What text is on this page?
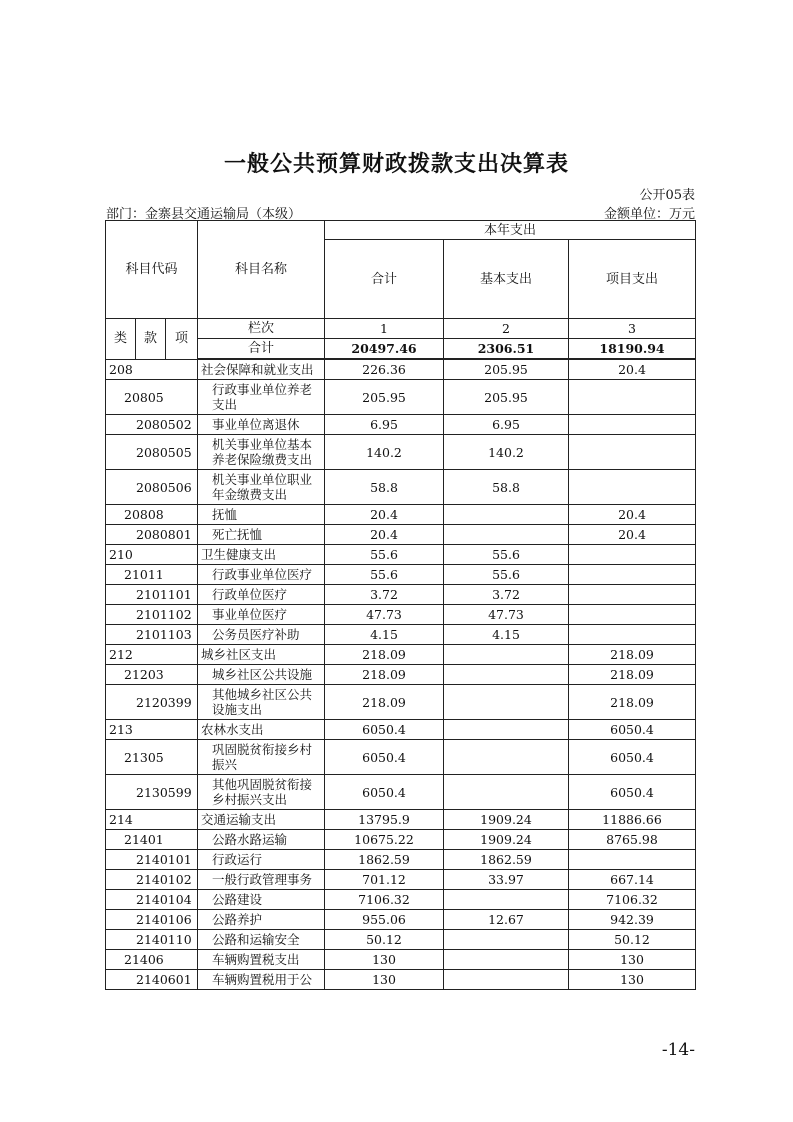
一般公共预算财政拨款支出决算表
公开05表
部门：金寨县交通运输局（本级）	金额单位：万元
科目代码			科目名称	本年支出		
				合计	基本支出	项目支出
类	款	项	栏次	1	2	3
			合计	20497.46	2306.51	18190.94
208			社会保障和就业支出	226.36	205.95	20.4
20805			行政事业单位养老支出	205.95	205.95	
2080502			事业单位离退休	6.95	6.95	
2080505			机关事业单位基本养老保险缴费支出	140.2	140.2	
2080506			机关事业单位职业年金缴费支出	58.8	58.8	
20808			抚恤	20.4		20.4
2080801			死亡抚恤	20.4		20.4
210			卫生健康支出	55.6	55.6	
21011			行政事业单位医疗	55.6	55.6	
2101101			行政单位医疗	3.72	3.72	
2101102			事业单位医疗	47.73	47.73	
2101103			公务员医疗补助	4.15	4.15	
212			城乡社区支出	218.09		218.09
21203			城乡社区公共设施	218.09		218.09
2120399			其他城乡社区公共设施支出	218.09		218.09
213			农林水支出	6050.4		6050.4
21305			巩固脱贫衔接乡村振兴	6050.4		6050.4
2130599			其他巩固脱贫衔接乡村振兴支出	6050.4		6050.4
214			交通运输支出	13795.9	1909.24	11886.66
21401			公路水路运输	10675.22	1909.24	8765.98
2140101			行政运行	1862.59	1862.59	
2140102			一般行政管理事务	701.12	33.97	667.14
2140104			公路建设	7106.32		7106.32
2140106			公路养护	955.06	12.67	942.39
2140110			公路和运输安全	50.12		50.12
21406			车辆购置税支出	130		130
2140601			车辆购置税用于公	130		130
-14-
